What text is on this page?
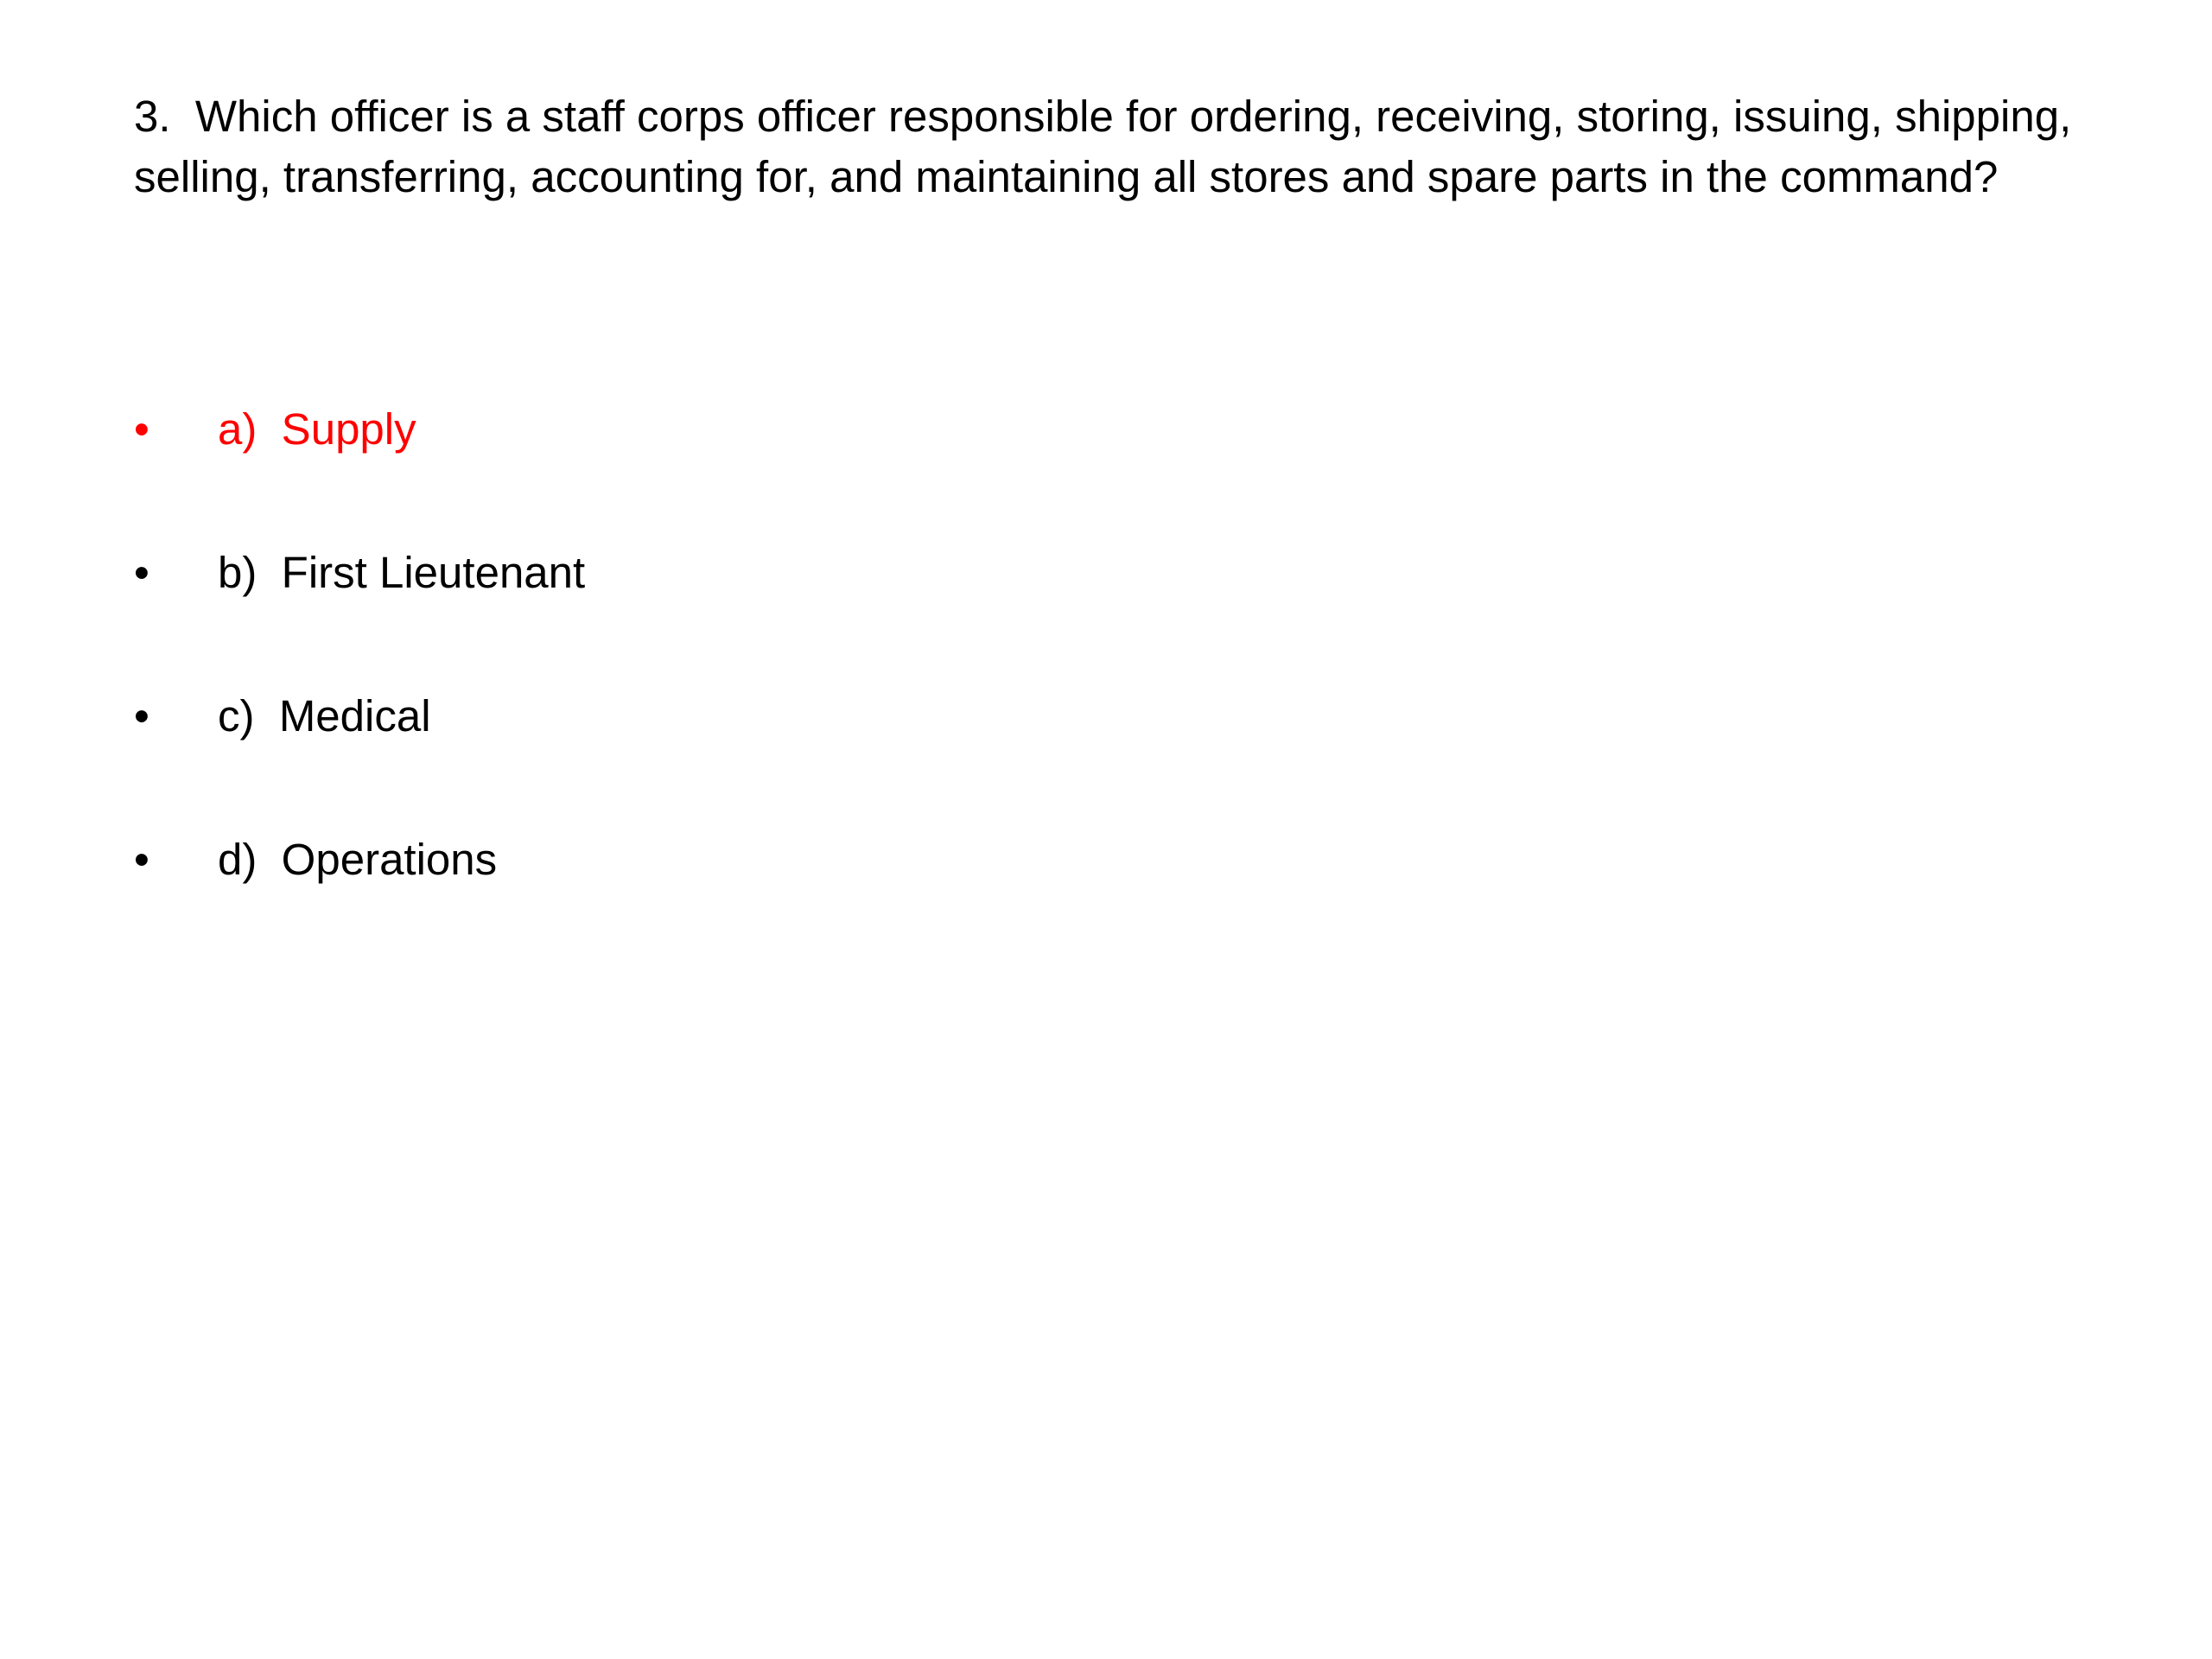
3.  Which officer is a staff corps officer responsible for ordering, receiving, storing, issuing, shipping, selling, transferring, accounting for, and maintaining all stores and spare parts in the command?

•

a)  Supply

•

b)  First Lieutenant

•

c)  Medical

•

d)  Operations
